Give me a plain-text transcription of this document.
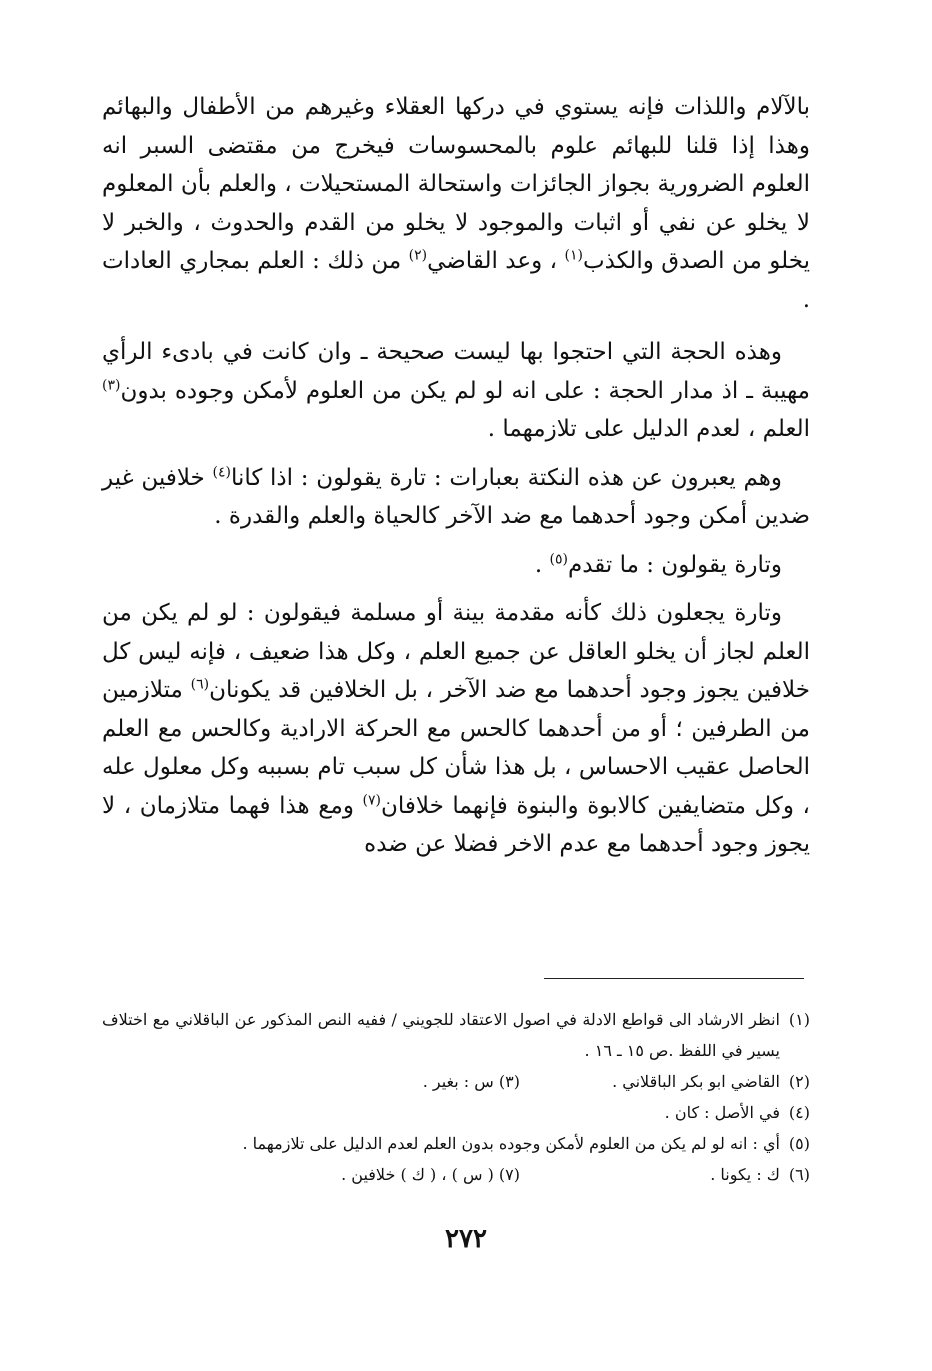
بالآلام واللذات فإنه يستوي في دركها العقلاء وغيرهم من الأطفال والبهائم وهذا إذا قلنا للبهائم علوم بالمحسوسات فيخرج من مقتضى السبر انه العلوم الضرورية بجواز الجائزات واستحالة المستحيلات ، والعلم بأن المعلوم لا يخلو عن نفي أو اثبات والموجود لا يخلو من القدم والحدوث ، والخبر لا يخلو من الصدق والكذب$^{(١)}$ ، وعد القاضي$^{(٢)}$ من ذلك : العلم بمجاري العادات .

وهذه الحجة التي احتجوا بها ليست صحيحة ـ وان كانت في بادىء الرأي مهيبة ـ اذ مدار الحجة : على انه لو لم يكن من العلوم لأمكن وجوده بدون$^{(٣)}$ العلم ، لعدم الدليل على تلازمهما .

وهم يعبرون عن هذه النكتة بعبارات : تارة يقولون : اذا كانا$^{(٤)}$ خلافين غير ضدين أمكن وجود أحدهما مع ضد الآخر كالحياة والعلم والقدرة .

وتارة يقولون : ما تقدم$^{(٥)}$ .

وتارة يجعلون ذلك كأنه مقدمة بينة أو مسلمة فيقولون : لو لم يكن من العلم لجاز أن يخلو العاقل عن جميع العلم ، وكل هذا ضعيف ، فإنه ليس كل خلافين يجوز وجود أحدهما مع ضد الآخر ، بل الخلافين قد يكونان$^{(٦)}$ متلازمين من الطرفين ؛ أو من أحدهما كالحس مع الحركة الارادية وكالحس مع العلم الحاصل عقيب الاحساس ، بل هذا شأن كل سبب تام بسببه وكل معلول عله ، وكل متضايفين كالابوة والبنوة فإنهما خلافان$^{(٧)}$ ومع هذا فهما متلازمان ، لا يجوز وجود أحدهما مع عدم الاخر فضلا عن ضده

(١)
انظر الارشاد الى قواطع الادلة في اصول الاعتقاد للجويني / ففيه النص المذكور عن الباقلاني مع اختلاف يسير في اللفظ .ص ١٥ ـ ١٦ .
(٢)
القاضي ابو بكر الباقلاني .
(٣) س : بغير .
(٤)
في الأصل : كان .
(٥)
أي : انه لو لم يكن من العلوم لأمكن وجوده بدون العلم لعدم الدليل على تلازمهما .
(٦)
ك : يكونا .
(٧) ( س ) ، ( ك ) خلافين .
٢٧٢
